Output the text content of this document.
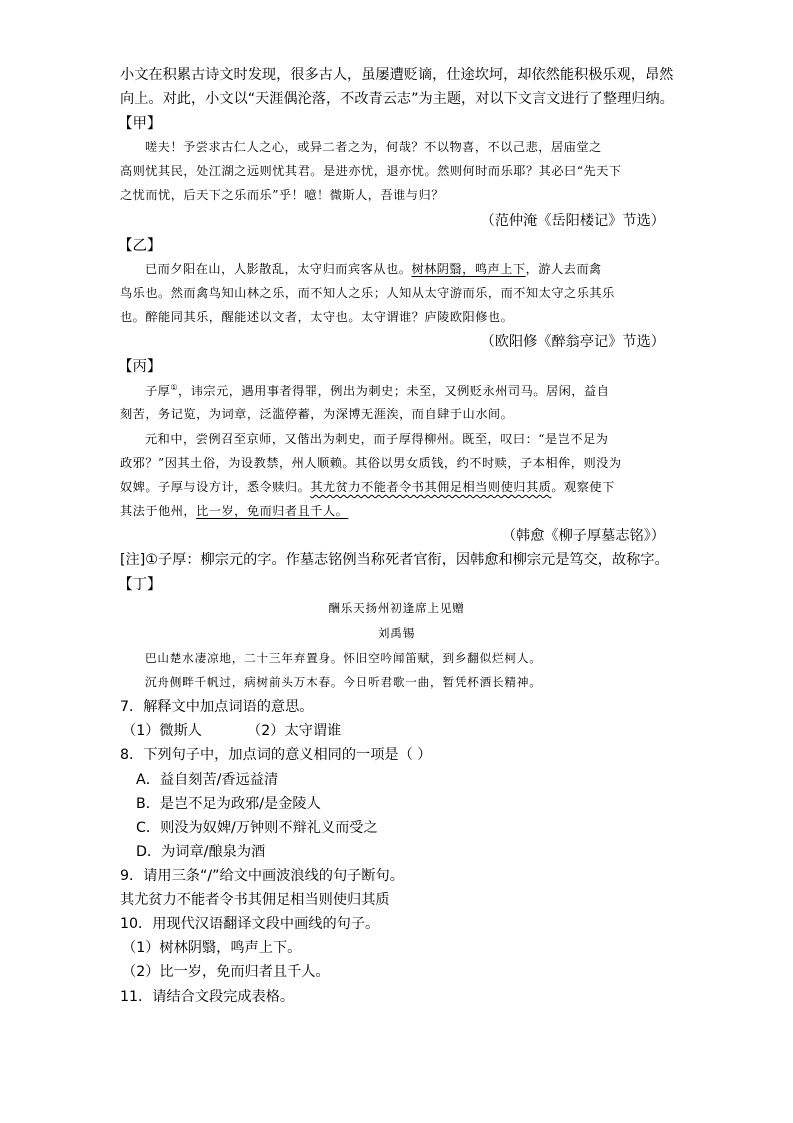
小文在积累古诗文时发现，很多古人，虽屡遭贬谪，仕途坎坷，却依然能积极乐观，昂然
向上。对此，小文以“天涯偶沦落，不改青云志”为主题，对以下文言文进行了整理归纳。
【甲】
嗟夫！予尝求古仁人之心，或异二者之为，何哉？不以物喜，不以己悲，居庙堂之
高则忧其民，处江湖之远则忧其君。是进亦忧，退亦忧。然则何时而乐耶？其必曰“先天下
之忧而忧，后天下之乐而乐”乎！噫！微斯人，吾谁与归？
（范仲淹《岳阳楼记》节选）
【乙】
已而夕阳在山，人影散乱，太守归而宾客从也。树林阴翳，鸣声上下，游人去而禽
鸟乐也。然而禽鸟知山林之乐，而不知人之乐；人知从太守游而乐，而不知太守之乐其乐
也。醉能同其乐，醒能述以文者，太守也。太守谓谁？庐陵欧阳修也。
（欧阳修《醉翁亭记》节选）
【丙】
子厚①，讳宗元，遇用事者得罪，例出为刺史；未至，又例贬永州司马。居闲，益自
刻苦，务记览，为词章，泛滥停蓄，为深博无涯涘，而自肆于山水间。
元和中，尝例召至京师，又偕出为刺史，而子厚得柳州。既至，叹曰：“是岂不足为
政邪？”因其土俗，为设教禁，州人顺赖。其俗以男女质钱，约不时赎，子本相侔，则没为
奴婢。子厚与设方计，悉令赎归。其尤贫力不能者令书其佣足相当则使归其质。观察使下
其法于他州，比一岁，免而归者且千人。
（韩愈《柳子厚墓志铭》）
[注]①子厚：柳宗元的字。作墓志铭例当称死者官衔，因韩愈和柳宗元是笃交，故称字。
【丁】
酬乐天扬州初逢席上见赠
刘禹锡
巴山楚水凄凉地，二十三年弃置身。怀旧空吟闻笛赋，到乡翻似烂柯人。
沉舟侧畔千帆过，病树前头万木春。今日听君歌一曲，暂凭杯酒长精神。
7．解释文中加点词语的意思。
（1）微斯人          （2）太守谓谁
8．下列句子中，加点词的意义相同的一项是（ ）
A．益自刻苦/香远益清
B．是岂不足为政邪/是金陵人
C．则没为奴婢/万钟则不辩礼义而受之
D．为词章/酿泉为酒
9．请用三条“/”给文中画波浪线的句子断句。
其尤贫力不能者令书其佣足相当则使归其质
10．用现代汉语翻译文段中画线的句子。
（1）树林阴翳，鸣声上下。
（2）比一岁，免而归者且千人。
11．请结合文段完成表格。
